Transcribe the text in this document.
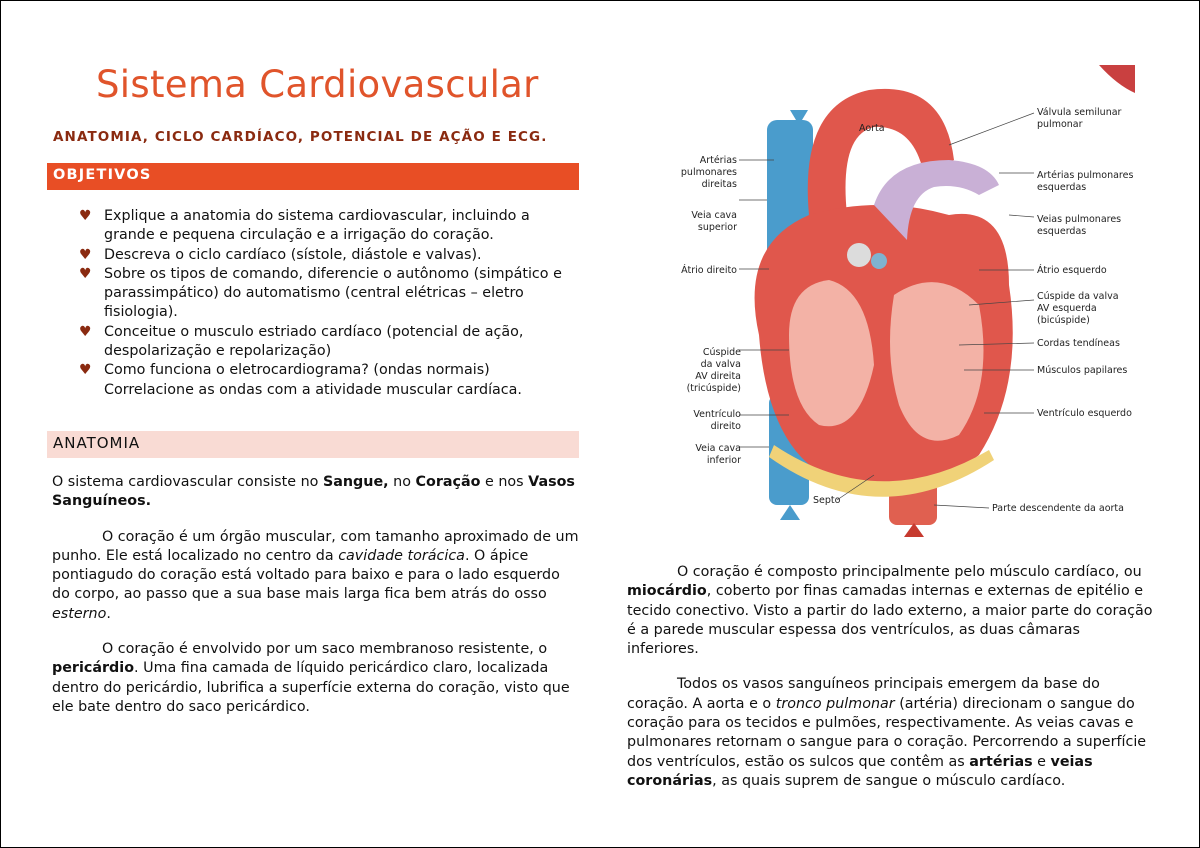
Sistema Cardiovascular
ANATOMIA, CICLO CARDÍACO, POTENCIAL DE AÇÃO E ECG.
OBJETIVOS
♥ Explique a anatomia do sistema cardiovascular, incluindo a grande e pequena circulação e a irrigação do coração.
♥ Descreva o ciclo cardíaco (sístole, diástole e valvas).
♥ Sobre os tipos de comando, diferencie o autônomo (simpático e parassimpático) do automatismo (central elétricas – eletro fisiologia).
♥ Conceitue o musculo estriado cardíaco (potencial de ação, despolarização e repolarização)
♥ Como funciona o eletrocardiograma? (ondas normais) Correlacione as ondas com a atividade muscular cardíaca.
ANATOMIA

O sistema cardiovascular consiste no Sangue, no Coração e nos Vasos Sanguíneos.

O coração é um órgão muscular, com tamanho aproximado de um punho. Ele está localizado no centro da cavidade torácica. O ápice pontiagudo do coração está voltado para baixo e para o lado esquerdo do corpo, ao passo que a sua base mais larga fica bem atrás do osso esterno.

O coração é envolvido por um saco membranoso resistente, o pericárdio. Uma fina camada de líquido pericárdico claro, localizada dentro do pericárdio, lubrifica a superfície externa do coração, visto que ele bate dentro do saco pericárdico.

Aorta
Artérias
pulmonares
direitas
Veia cava
superior
Átrio direito
Cúspide
da valva
AV direita
(tricúspide)
Ventrículo
direito
Veia cava
inferior
Septo
Válvula semilunar
pulmonar
Artérias pulmonares
esquerdas
Veias pulmonares
esquerdas
Átrio esquerdo
Cúspide da valva
AV esquerda
(bicúspide)
Cordas tendíneas
Músculos papilares
Ventrículo esquerdo
Parte descendente da aorta

O coração é composto principalmente pelo músculo cardíaco, ou miocárdio, coberto por finas camadas internas e externas de epitélio e tecido conectivo. Visto a partir do lado externo, a maior parte do coração é a parede muscular espessa dos ventrículos, as duas câmaras inferiores.

Todos os vasos sanguíneos principais emergem da base do coração. A aorta e o tronco pulmonar (artéria) direcionam o sangue do coração para os tecidos e pulmões, respectivamente. As veias cavas e pulmonares retornam o sangue para o coração. Percorrendo a superfície dos ventrículos, estão os sulcos que contêm as artérias e veias coronárias, as quais suprem de sangue o músculo cardíaco.
